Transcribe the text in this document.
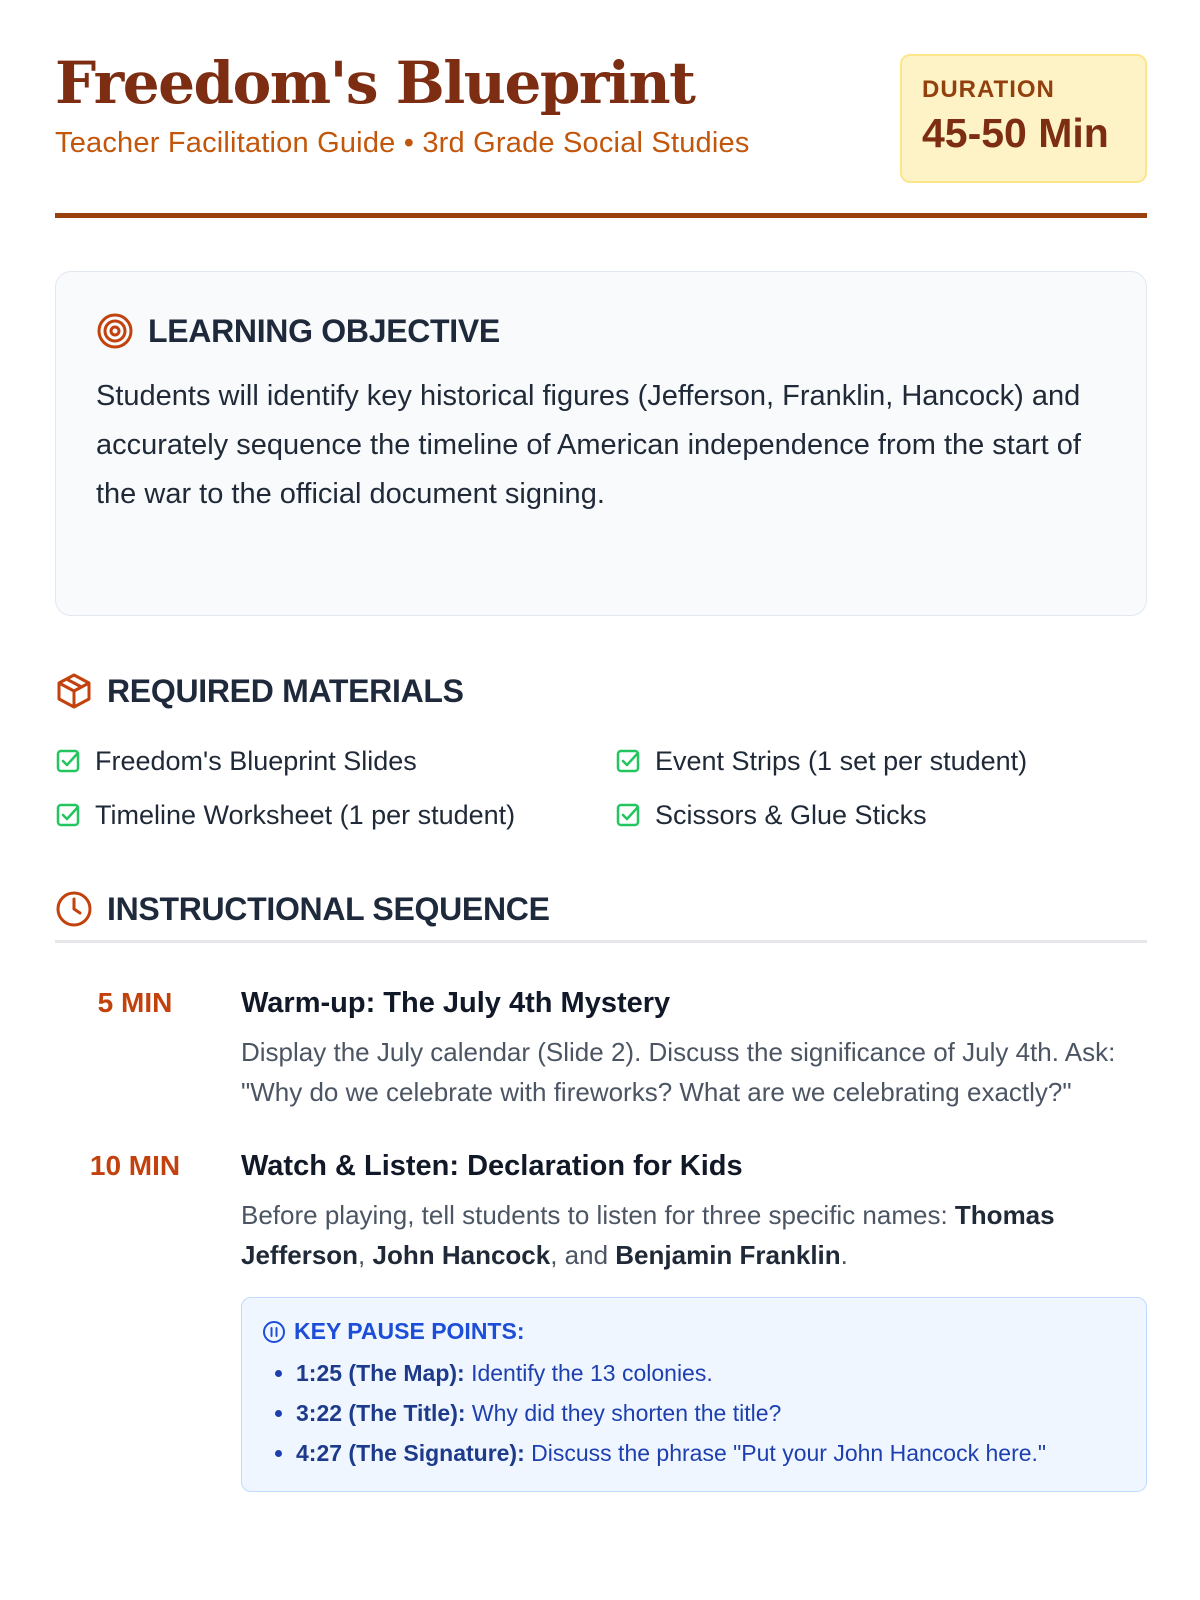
Freedom's Blueprint
Teacher Facilitation Guide • 3rd Grade Social Studies
DURATION
45-50 Min
LEARNING OBJECTIVE
Students will identify key historical figures (Jefferson, Franklin, Hancock) and accurately sequence the timeline of American independence from the start of the war to the official document signing.
REQUIRED MATERIALS
Freedom's Blueprint Slides	Event Strips (1 set per student)
Timeline Worksheet (1 per student)	Scissors & Glue Sticks
INSTRUCTIONAL SEQUENCE
5 MIN	Warm-up: The July 4th Mystery
Display the July calendar (Slide 2). Discuss the significance of July 4th. Ask: "Why do we celebrate with fireworks? What are we celebrating exactly?"
10 MIN	Watch & Listen: Declaration for Kids
Before playing, tell students to listen for three specific names: Thomas Jefferson, John Hancock, and Benjamin Franklin.
KEY PAUSE POINTS:
• 1:25 (The Map): Identify the 13 colonies.
• 3:22 (The Title): Why did they shorten the title?
• 4:27 (The Signature): Discuss the phrase "Put your John Hancock here."
